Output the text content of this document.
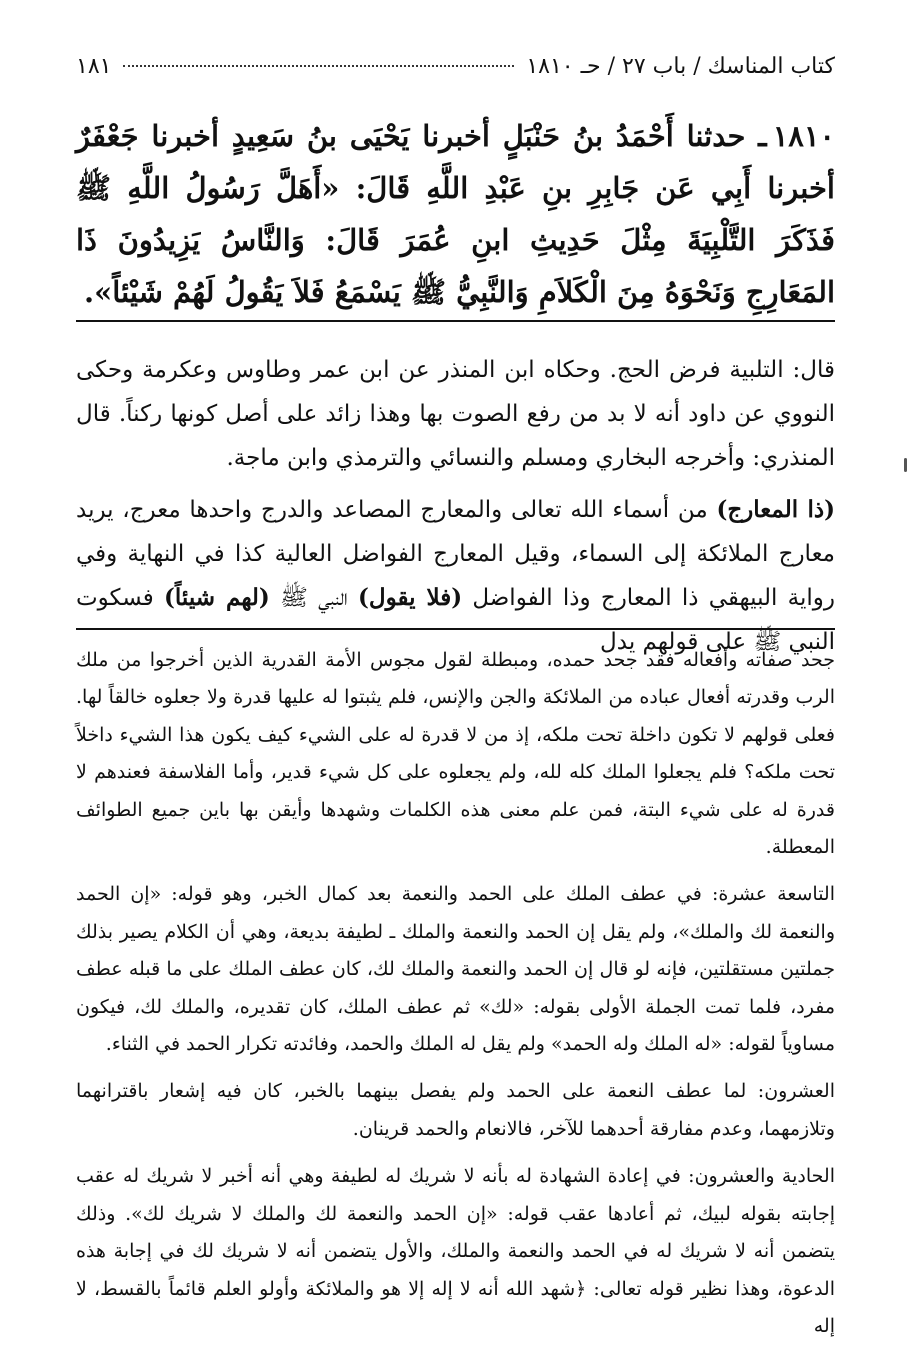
كتاب المناسك / باب ٢٧ / حـ ١٨١٠
١٨١
١٨١٠ـ حدثنا أَحْمَدُ بنُ حَنْبَلٍ أخبرنا يَحْيَى بنُ سَعِيدٍ أخبرنا جَعْفَرٌ أخبرنا أَبِي عَن جَابِرِ بنِ عَبْدِ اللَّهِ قَالَ: «أَهَلَّ رَسُولُ اللَّهِ ﷺ فَذَكَرَ التَّلْبِيَةَ مِثْلَ حَدِيثِ ابنِ عُمَرَ قَالَ: وَالنَّاسُ يَزِيدُونَ ذَا المَعَارِجِ وَنَحْوَهُ مِنَ الْكَلاَمِ وَالنَّبِيُّ ﷺ يَسْمَعُ فَلاَ يَقُولُ لَهُمْ شَيْئاً».
قال: التلبية فرض الحج. وحكاه ابن المنذر عن ابن عمر وطاوس وعكرمة وحكى النووي عن داود أنه لا بد من رفع الصوت بها وهذا زائد على أصل كونها ركناً. قال المنذري: وأخرجه البخاري ومسلم والنسائي والترمذي وابن ماجة.
(ذا المعارج) من أسماء الله تعالى والمعارج المصاعد والدرج واحدها معرج، يريد معارج الملائكة إلى السماء، وقيل المعارج الفواضل العالية كذا في النهاية وفي رواية البيهقي ذا المعارج وذا الفواضل (فلا يقول) النبي ﷺ (لهم شيئاً) فسكوت النبي ﷺ على قولهم يدل

جحد صفاته وأفعاله فقد جحد حمده، ومبطلة لقول مجوس الأمة القدرية الذين أخرجوا من ملك الرب وقدرته أفعال عباده من الملائكة والجن والإنس، فلم يثبتوا له عليها قدرة ولا جعلوه خالقاً لها. فعلى قولهم لا تكون داخلة تحت ملكه، إذ من لا قدرة له على الشيء كيف يكون هذا الشيء داخلاً تحت ملكه؟ فلم يجعلوا الملك كله لله، ولم يجعلوه على كل شيء قدير، وأما الفلاسفة فعندهم لا قدرة له على شيء البتة، فمن علم معنى هذه الكلمات وشهدها وأيقن بها باين جميع الطوائف المعطلة.

التاسعة عشرة: في عطف الملك على الحمد والنعمة بعد كمال الخبر، وهو قوله: «إن الحمد والنعمة لك والملك»، ولم يقل إن الحمد والنعمة والملك ـ لطيفة بديعة، وهي أن الكلام يصير بذلك جملتين مستقلتين، فإنه لو قال إن الحمد والنعمة والملك لك، كان عطف الملك على ما قبله عطف مفرد، فلما تمت الجملة الأولى بقوله: «لك» ثم عطف الملك، كان تقديره، والملك لك، فيكون مساوياً لقوله: «له الملك وله الحمد» ولم يقل له الملك والحمد، وفائدته تكرار الحمد في الثناء.

العشرون: لما عطف النعمة على الحمد ولم يفصل بينهما بالخبر، كان فيه إشعار باقترانهما وتلازمهما، وعدم مفارقة أحدهما للآخر، فالانعام والحمد قرينان.

الحادية والعشرون: في إعادة الشهادة له بأنه لا شريك له لطيفة وهي أنه أخبر لا شريك له عقب إجابته بقوله لبيك، ثم أعادها عقب قوله: «إن الحمد والنعمة لك والملك لا شريك لك». وذلك يتضمن أنه لا شريك له في الحمد والنعمة والملك، والأول يتضمن أنه لا شريك لك في إجابة هذه الدعوة، وهذا نظير قوله تعالى: ﴿شهد الله أنه لا إله إلا هو والملائكة وأولو العلم قائماً بالقسط، لا إله
